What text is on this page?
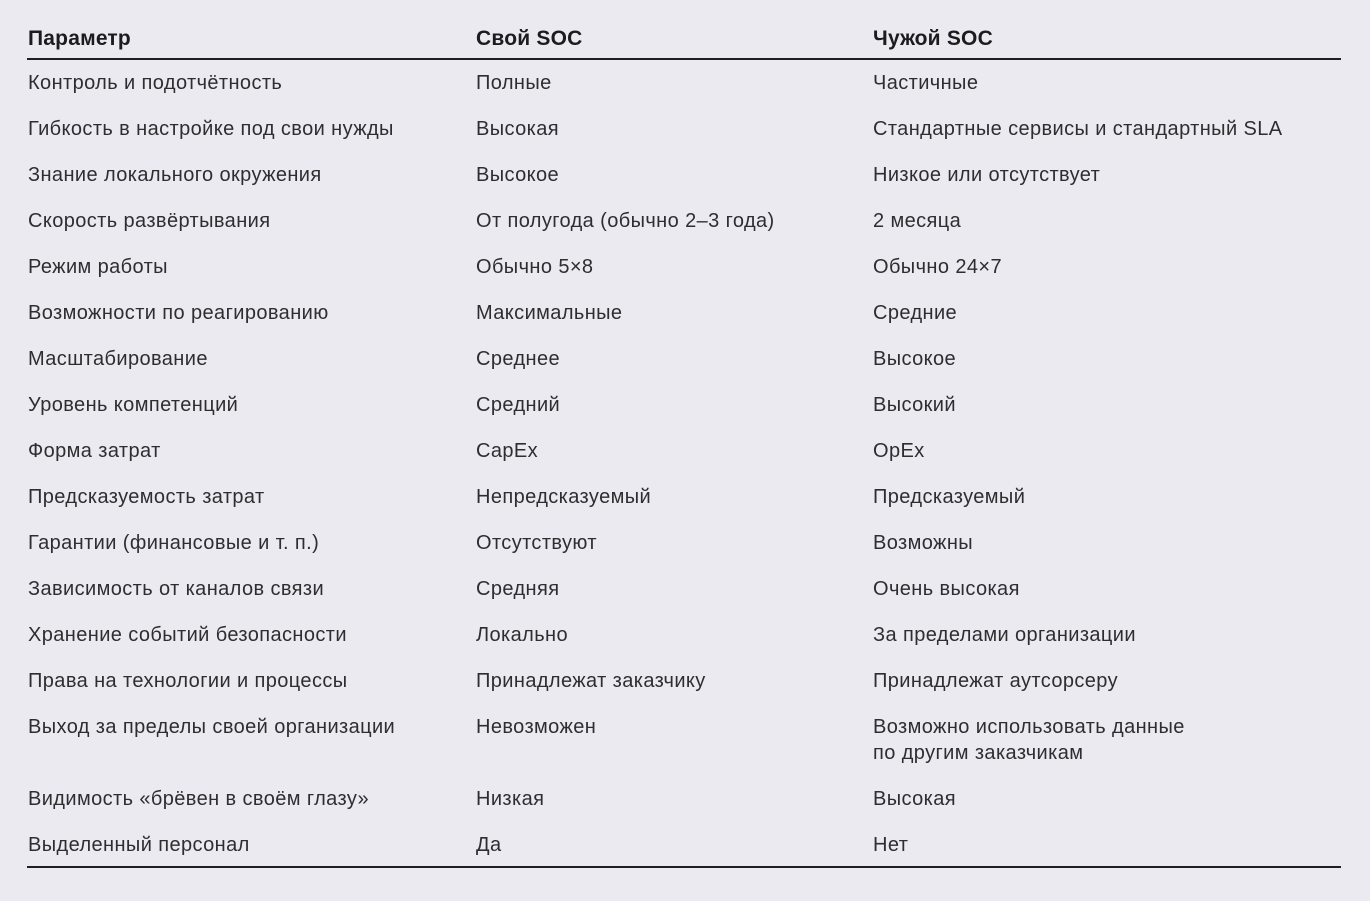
Параметр	Свой SOC	Чужой SOC

Контроль и подотчётность	Полные	Частичные

Гибкость в настройке под свои нужды	Высокая	Стандартные сервисы и стандартный SLA

Знание локального окружения	Высокое	Низкое или отсутствует

Скорость развёртывания	От полугода (обычно 2–3 года)	2 месяца

Режим работы	Обычно 5×8	Обычно 24×7

Возможности по реагированию	Максимальные	Средние

Масштабирование	Среднее	Высокое

Уровень компетенций	Средний	Высокий

Форма затрат	CapEx	OpEx

Предсказуемость затрат	Непредсказуемый	Предсказуемый

Гарантии (финансовые и т. п.)	Отсутствуют	Возможны

Зависимость от каналов связи	Средняя	Очень высокая

Хранение событий безопасности	Локально	За пределами организации

Права на технологии и процессы	Принадлежат заказчику	Принадлежат аутсорсеру

Выход за пределы своей организации	Невозможен	Возможно использовать данные
по другим заказчикам

Видимость «брёвен в своём глазу»	Низкая	Высокая

Выделенный персонал	Да	Нет
